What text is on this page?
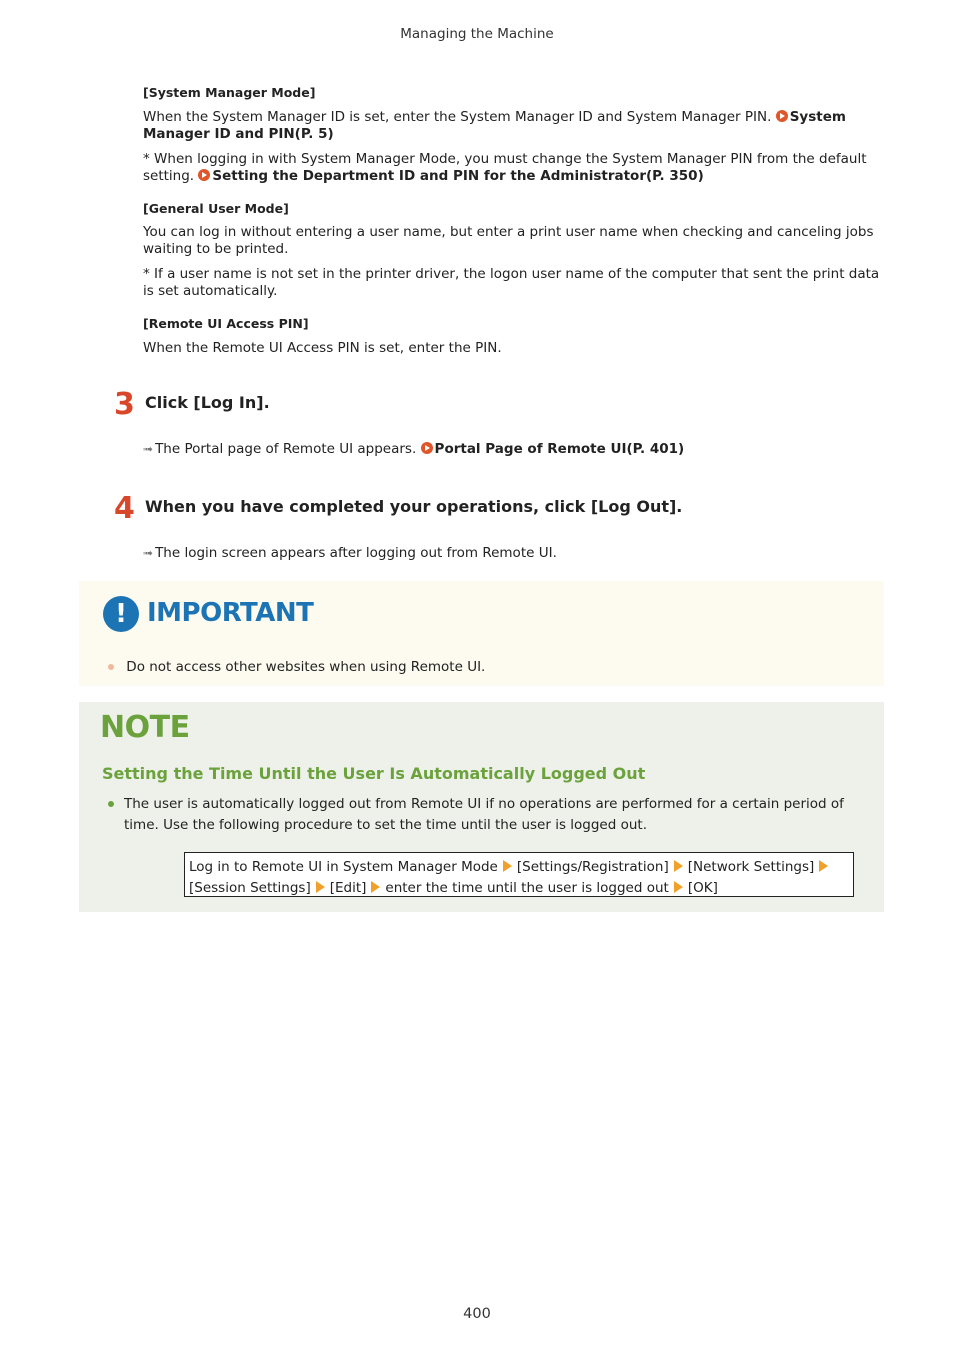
Managing the Machine
[System Manager Mode]
When the System Manager ID is set, enter the System Manager ID and System Manager PIN. System Manager ID and PIN(P. 5)
* When logging in with System Manager Mode, you must change the System Manager PIN from the default setting. Setting the Department ID and PIN for the Administrator(P. 350)
[General User Mode]
You can log in without entering a user name, but enter a print user name when checking and canceling jobs waiting to be printed.
* If a user name is not set in the printer driver, the logon user name of the computer that sent the print data is set automatically.
[Remote UI Access PIN]
When the Remote UI Access PIN is set, enter the PIN.
3 Click [Log In].
➟ The Portal page of Remote UI appears. Portal Page of Remote UI(P. 401)
4 When you have completed your operations, click [Log Out].
➟ The login screen appears after logging out from Remote UI.
! IMPORTANT
Do not access other websites when using Remote UI.
NOTE
Setting the Time Until the User Is Automatically Logged Out
The user is automatically logged out from Remote UI if no operations are performed for a certain period of time. Use the following procedure to set the time until the user is logged out.
Log in to Remote UI in System Manager Mode [Settings/Registration] [Network Settings]
[Session Settings] [Edit] enter the time until the user is logged out [OK]
400
